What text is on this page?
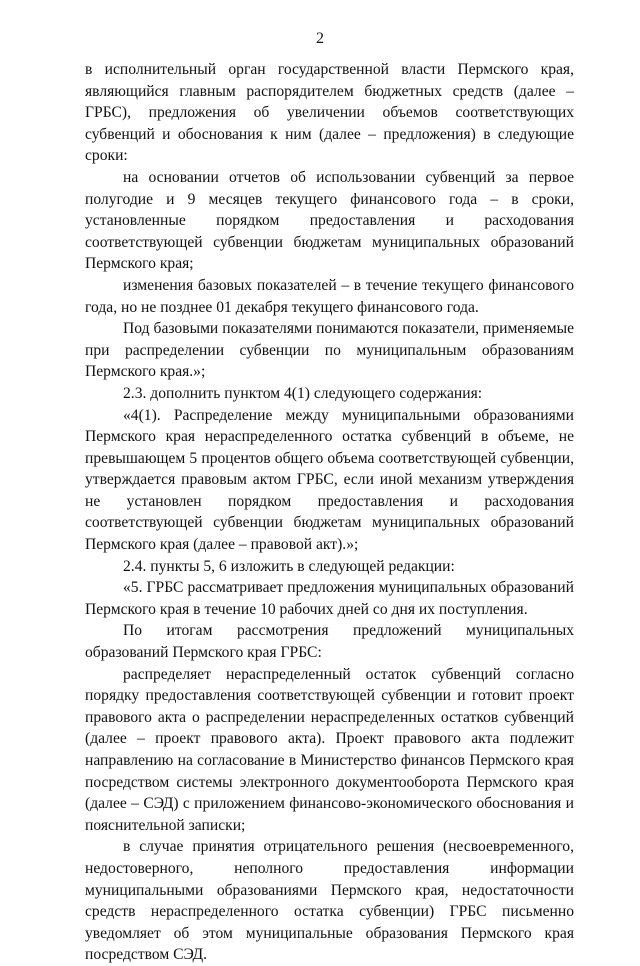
2

в исполнительный орган государственной власти Пермского края, являющийся главным распорядителем бюджетных средств (далее – ГРБС), предложения об увеличении объемов соответствующих субвенций и обоснования к ним (далее – предложения) в следующие сроки:

на основании отчетов об использовании субвенций за первое полугодие и 9 месяцев текущего финансового года – в сроки, установленные порядком предоставления и расходования соответствующей субвенции бюджетам муниципальных образований Пермского края;

изменения базовых показателей – в течение текущего финансового года, но не позднее 01 декабря текущего финансового года.

Под базовыми показателями понимаются показатели, применяемые при распределении субвенции по муниципальным образованиям Пермского края.»;

2.3. дополнить пунктом 4(1) следующего содержания:

«4(1). Распределение между муниципальными образованиями Пермского края нераспределенного остатка субвенций в объеме, не превышающем 5 процентов общего объема соответствующей субвенции, утверждается правовым актом ГРБС, если иной механизм утверждения не установлен порядком предоставления и расходования соответствующей субвенции бюджетам муниципальных образований Пермского края (далее – правовой акт).»;

2.4. пункты 5, 6 изложить в следующей редакции:

«5. ГРБС рассматривает предложения муниципальных образований Пермского края в течение 10 рабочих дней со дня их поступления.

По итогам рассмотрения предложений муниципальных образований Пермского края ГРБС:

распределяет нераспределенный остаток субвенций согласно порядку предоставления соответствующей субвенции и готовит проект правового акта о распределении нераспределенных остатков субвенций (далее – проект правового акта). Проект правового акта подлежит направлению на согласование в Министерство финансов Пермского края посредством системы электронного документооборота Пермского края (далее – СЭД) с приложением финансово-экономического обоснования и пояснительной записки;

в случае принятия отрицательного решения (несвоевременного, недостоверного, неполного предоставления информации муниципальными образованиями Пермского края, недостаточности средств нераспределенного остатка субвенции) ГРБС письменно уведомляет об этом муниципальные образования Пермского края посредством СЭД.
